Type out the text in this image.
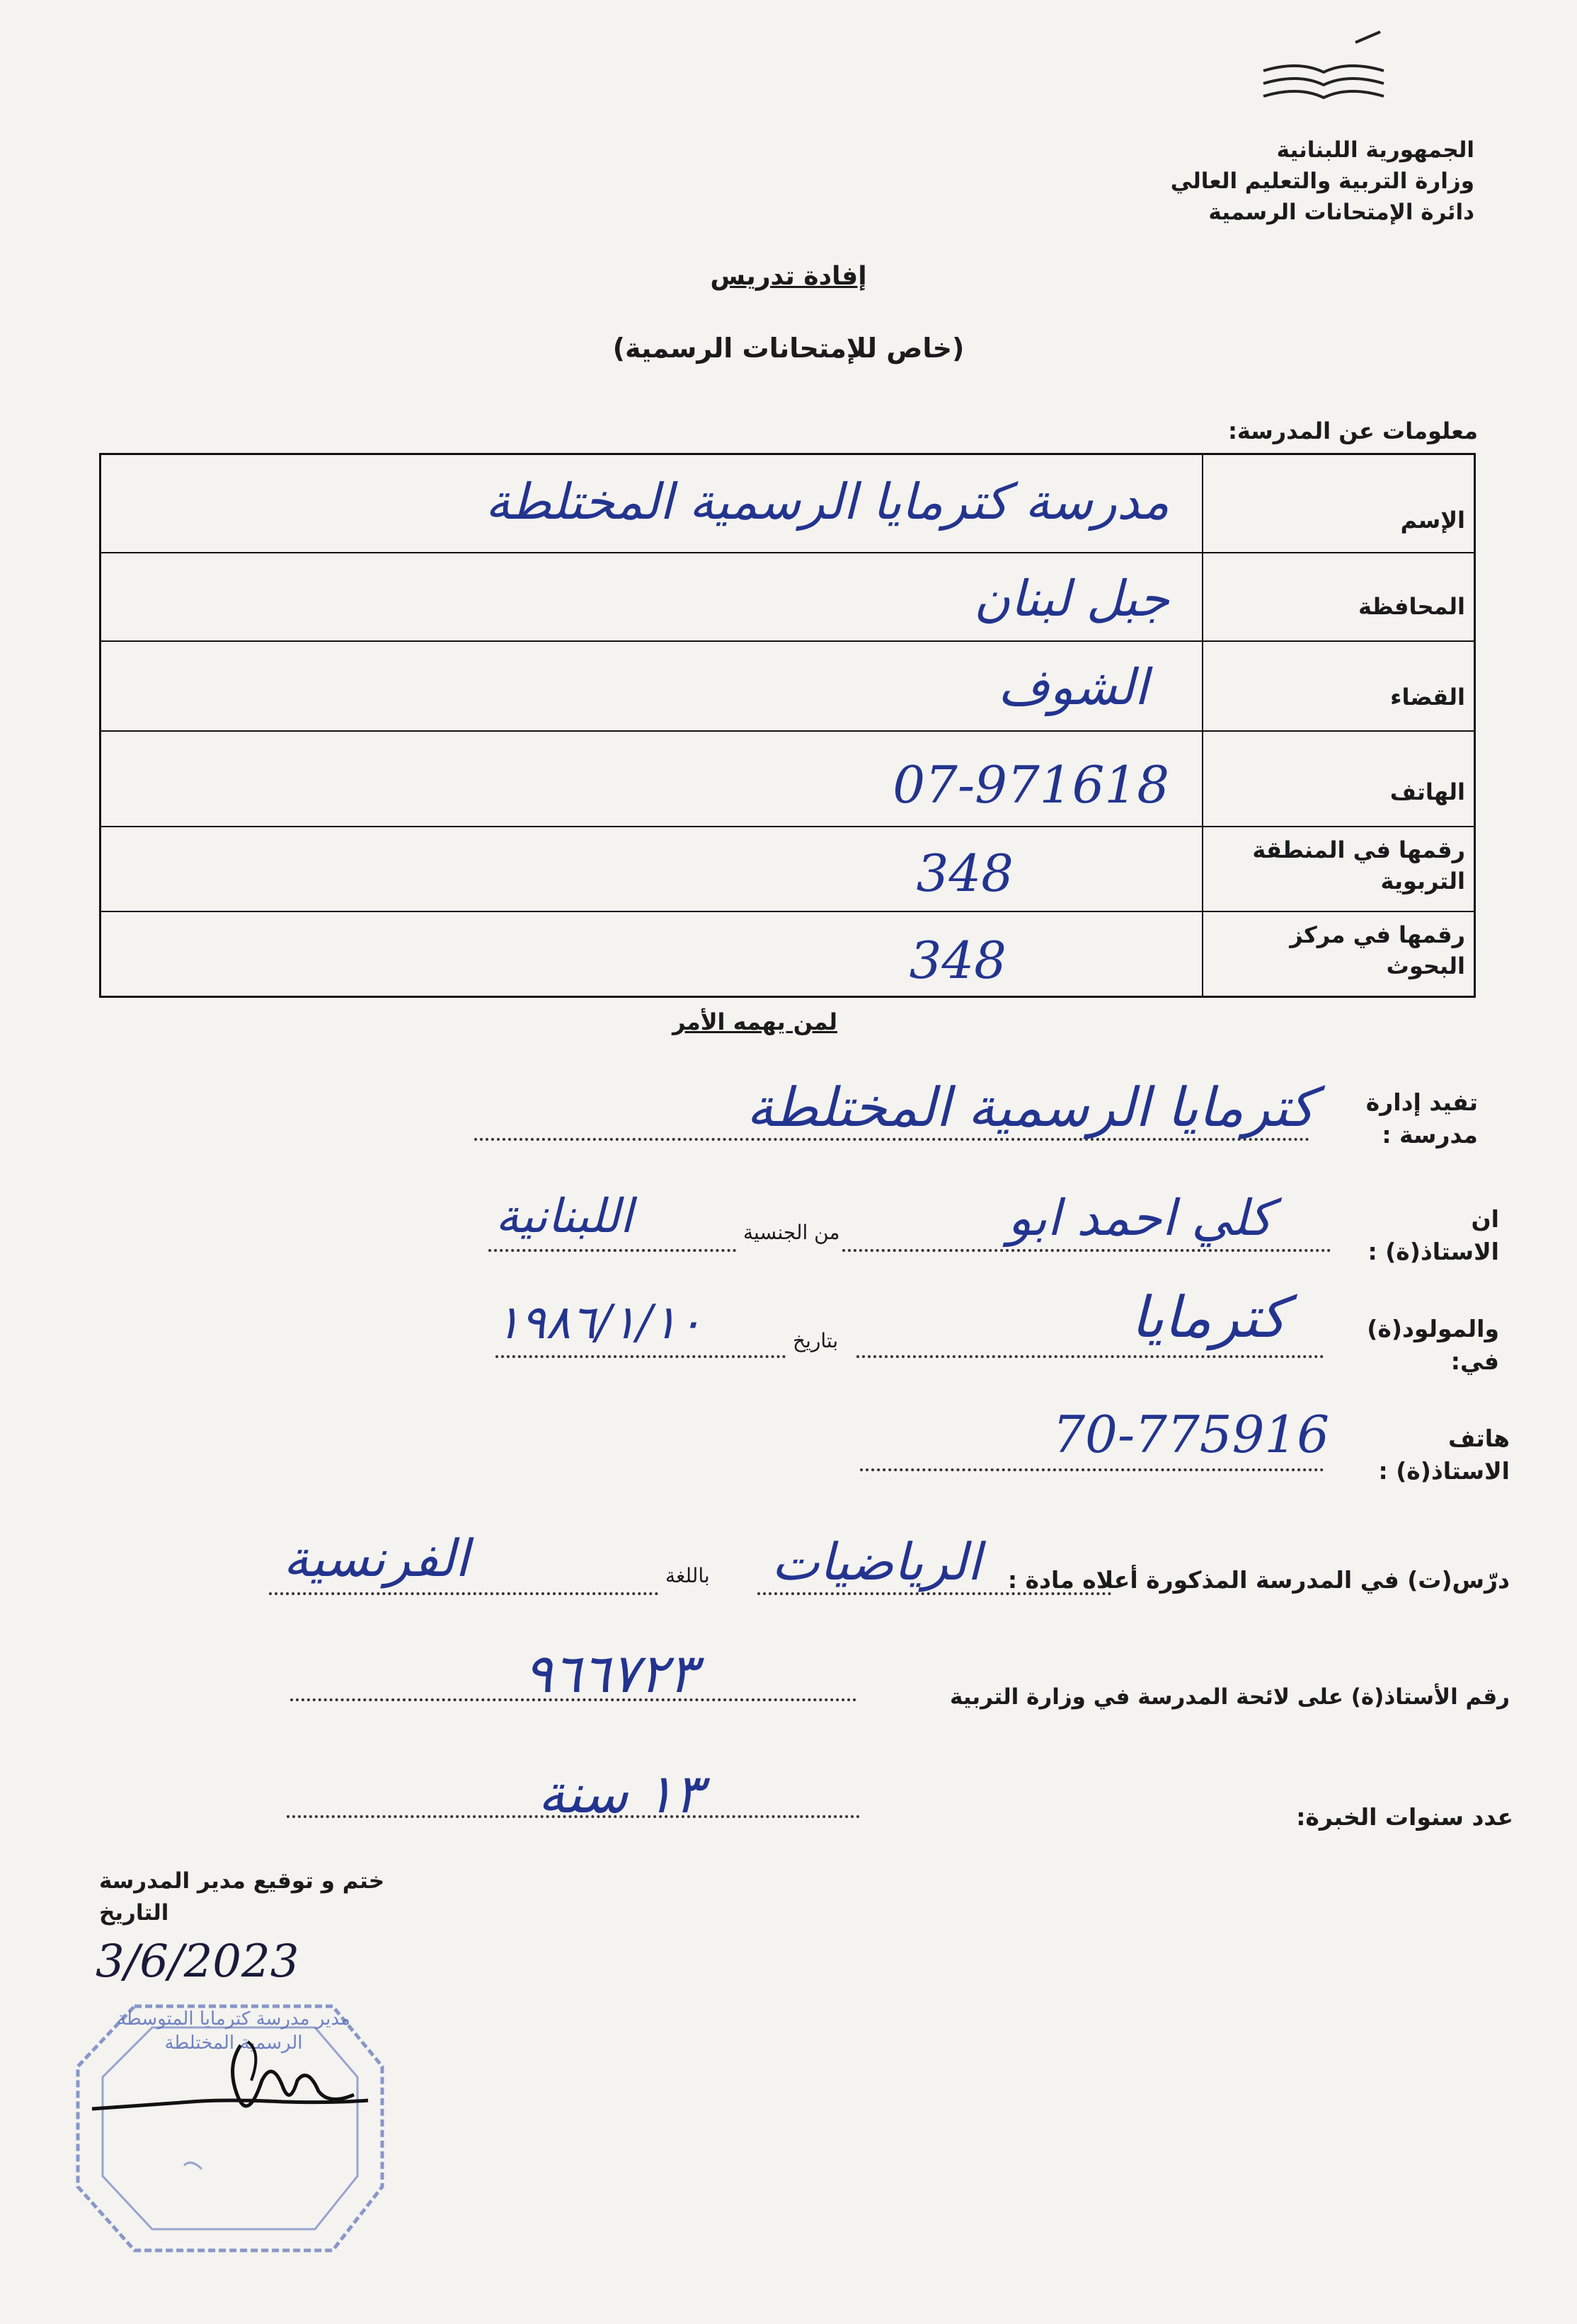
الجمهورية اللبنانية
وزارة التربية والتعليم العالي
دائرة الإمتحانات الرسمية
إفادة تدريس
(خاص للإمتحانات الرسمية)
معلومات عن المدرسة:
الإسم
مدرسة كترمايا الرسمية المختلطة
المحافظة
جبل لبنان
القضاء
الشوف
الهاتف
07-971618
رقمها في المنطقة التربوية
348
رقمها في مركز البحوث
348
لمن يهمه الأمر
تفيد إدارة مدرسة :
كترمايا الرسمية المختلطة
ان الاستاذ(ة) :
كلي احمد ابو
من الجنسية
اللبنانية
والمولود(ة) في:
كترمايا
بتاريخ
١٩٨٦/١/١٠
هاتف الاستاذ(ة) :
70-775916
درّس(ت) في المدرسة المذكورة أعلاه مادة :
الرياضيات
باللغة
الفرنسية
رقم الأستاذ(ة) على لائحة المدرسة في وزارة التربية
٩٦٦٧٢٣
عدد سنوات الخبرة:
١٣ سنة
ختم و توقيع مدير المدرسة
التاريخ
3/6/2023
مدير مدرسة كترمايا المتوسطة
الرسمية المختلطة
